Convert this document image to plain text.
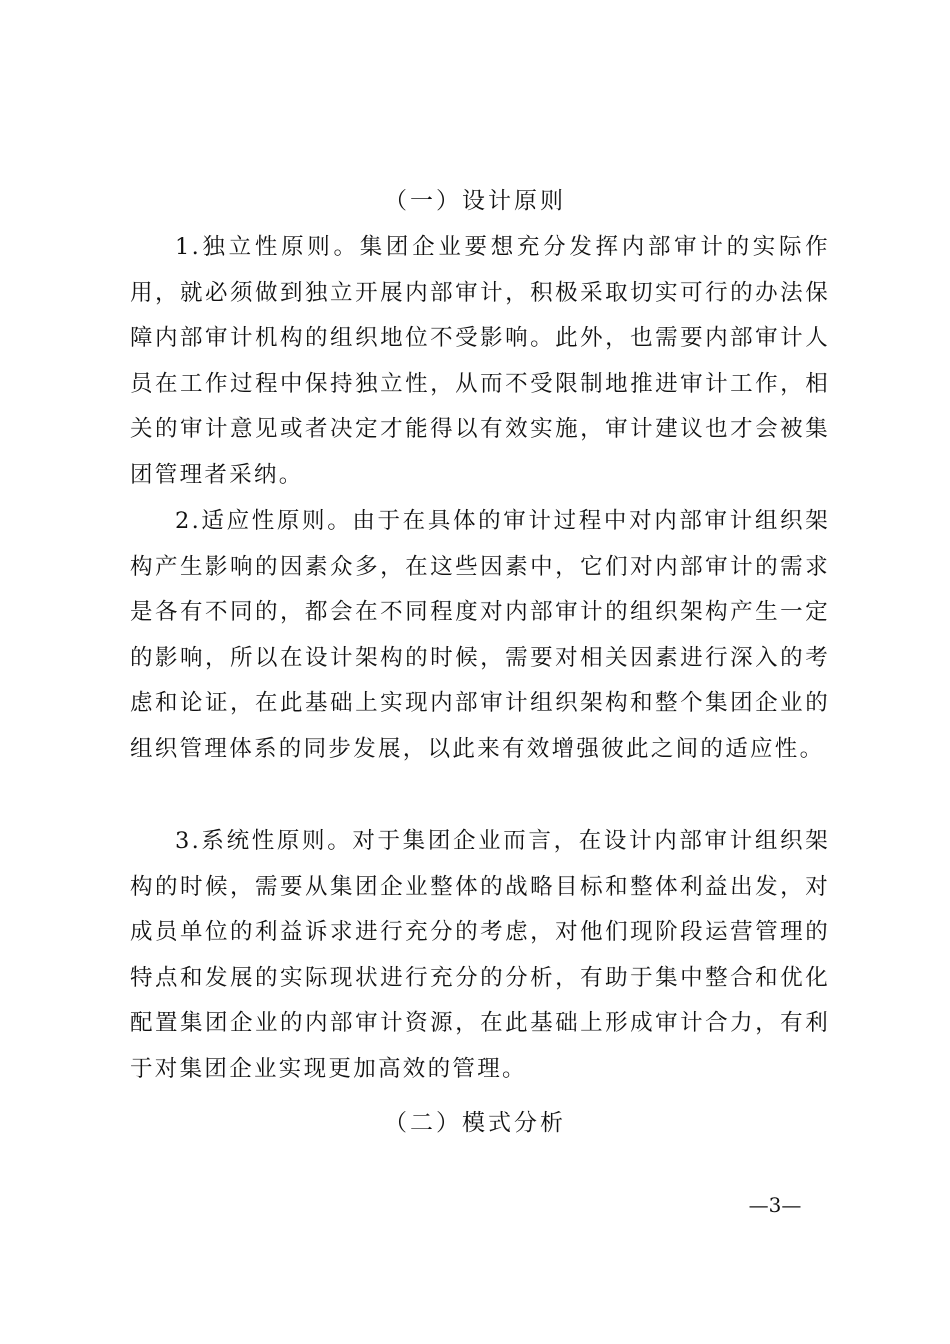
（一）设计原则

1.独立性原则。集团企业要想充分发挥内部审计的实际作用，就必须做到独立开展内部审计，积极采取切实可行的办法保障内部审计机构的组织地位不受影响。此外，也需要内部审计人员在工作过程中保持独立性，从而不受限制地推进审计工作，相关的审计意见或者决定才能得以有效实施，审计建议也才会被集团管理者采纳。

2.适应性原则。由于在具体的审计过程中对内部审计组织架构产生影响的因素众多，在这些因素中，它们对内部审计的需求是各有不同的，都会在不同程度对内部审计的组织架构产生一定的影响，所以在设计架构的时候，需要对相关因素进行深入的考虑和论证，在此基础上实现内部审计组织架构和整个集团企业的组织管理体系的同步发展，以此来有效增强彼此之间的适应性。

3.系统性原则。对于集团企业而言，在设计内部审计组织架构的时候，需要从集团企业整体的战略目标和整体利益出发，对成员单位的利益诉求进行充分的考虑，对他们现阶段运营管理的特点和发展的实际现状进行充分的分析，有助于集中整合和优化配置集团企业的内部审计资源，在此基础上形成审计合力，有利于对集团企业实现更加高效的管理。

（二）模式分析
—3—
